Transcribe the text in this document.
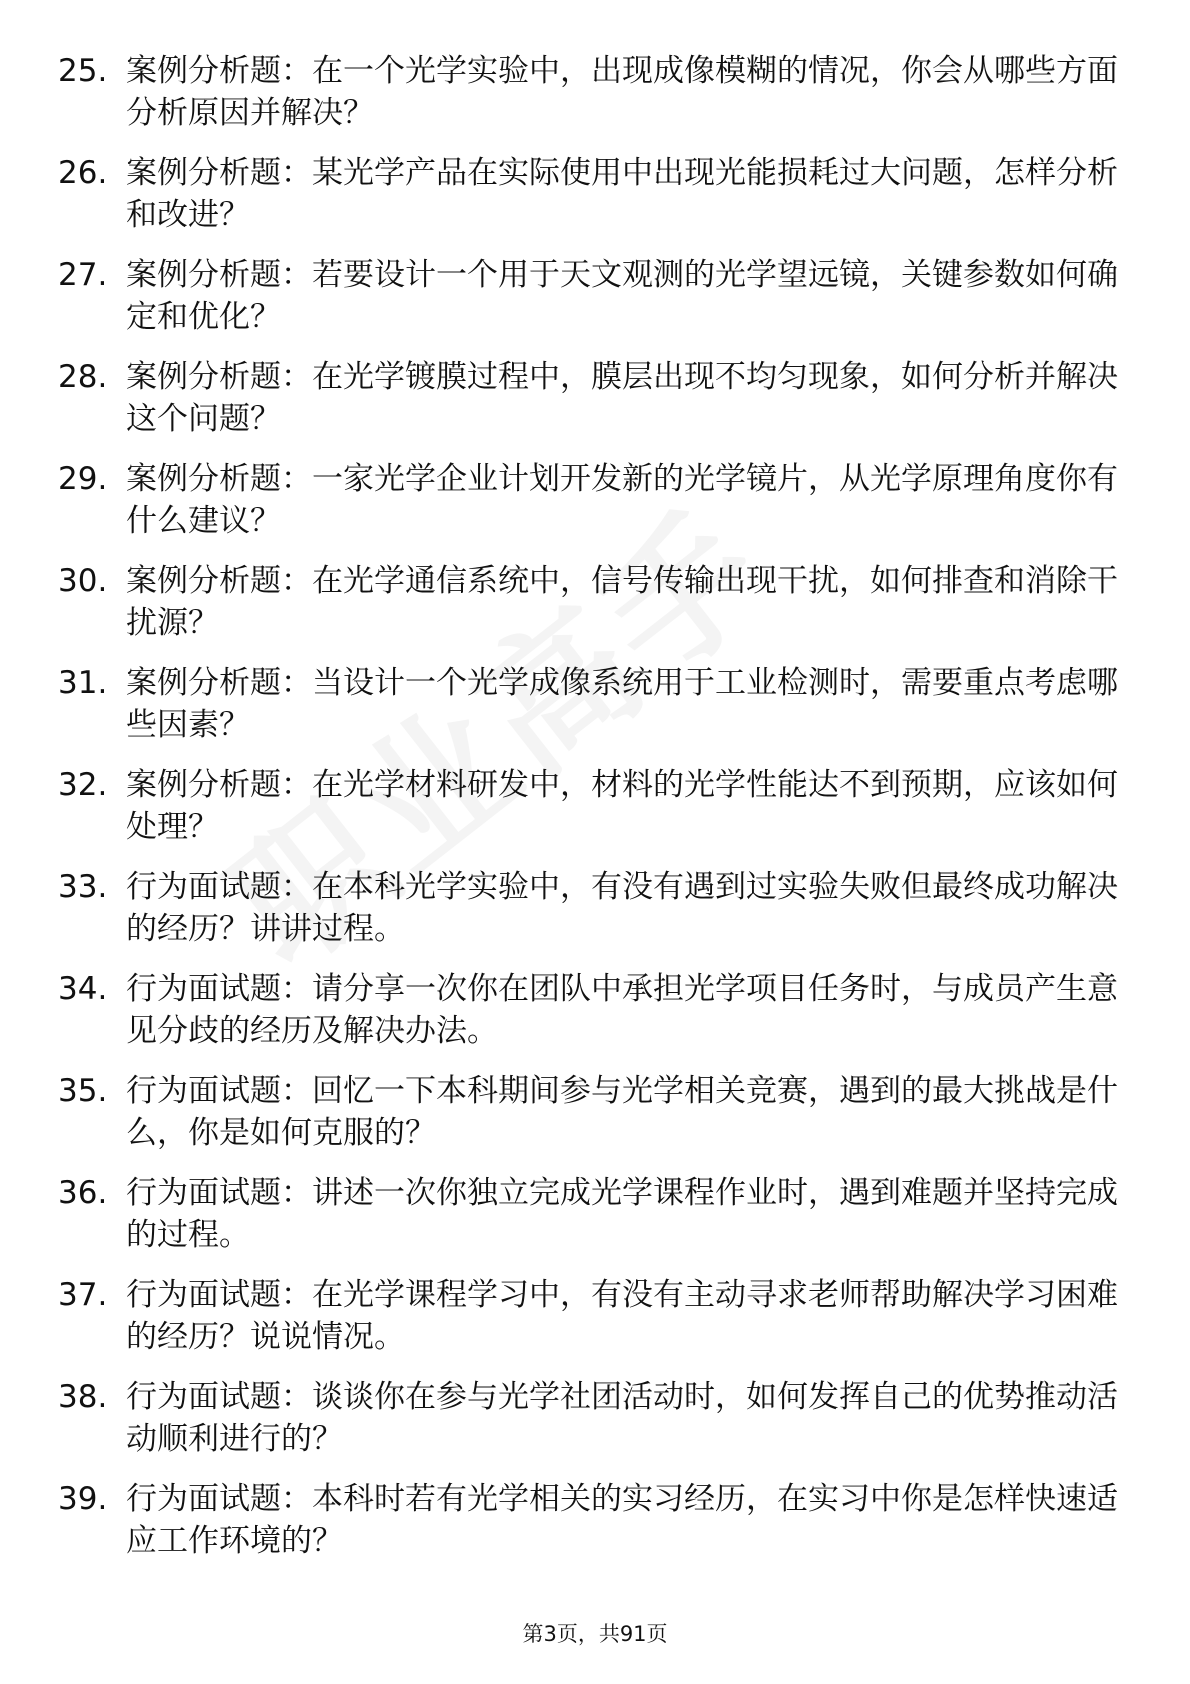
25. 案例分析题：在一个光学实验中，出现成像模糊的情况，你会从哪些方面分析原因并解决？
26. 案例分析题：某光学产品在实际使用中出现光能损耗过大问题，怎样分析和改进？
27. 案例分析题：若要设计一个用于天文观测的光学望远镜，关键参数如何确定和优化？
28. 案例分析题：在光学镀膜过程中，膜层出现不均匀现象，如何分析并解决这个问题？
29. 案例分析题：一家光学企业计划开发新的光学镜片，从光学原理角度你有什么建议？
30. 案例分析题：在光学通信系统中，信号传输出现干扰，如何排查和消除干扰源？
31. 案例分析题：当设计一个光学成像系统用于工业检测时，需要重点考虑哪些因素？
32. 案例分析题：在光学材料研发中，材料的光学性能达不到预期，应该如何处理？
33. 行为面试题：在本科光学实验中，有没有遇到过实验失败但最终成功解决的经历？讲讲过程。
34. 行为面试题：请分享一次你在团队中承担光学项目任务时，与成员产生意见分歧的经历及解决办法。
35. 行为面试题：回忆一下本科期间参与光学相关竞赛，遇到的最大挑战是什么，你是如何克服的？
36. 行为面试题：讲述一次你独立完成光学课程作业时，遇到难题并坚持完成的过程。
37. 行为面试题：在光学课程学习中，有没有主动寻求老师帮助解决学习困难的经历？说说情况。
38. 行为面试题：谈谈你在参与光学社团活动时，如何发挥自己的优势推动活动顺利进行的？
39. 行为面试题：本科时若有光学相关的实习经历，在实习中你是怎样快速适应工作环境的？
第3页，共91页
